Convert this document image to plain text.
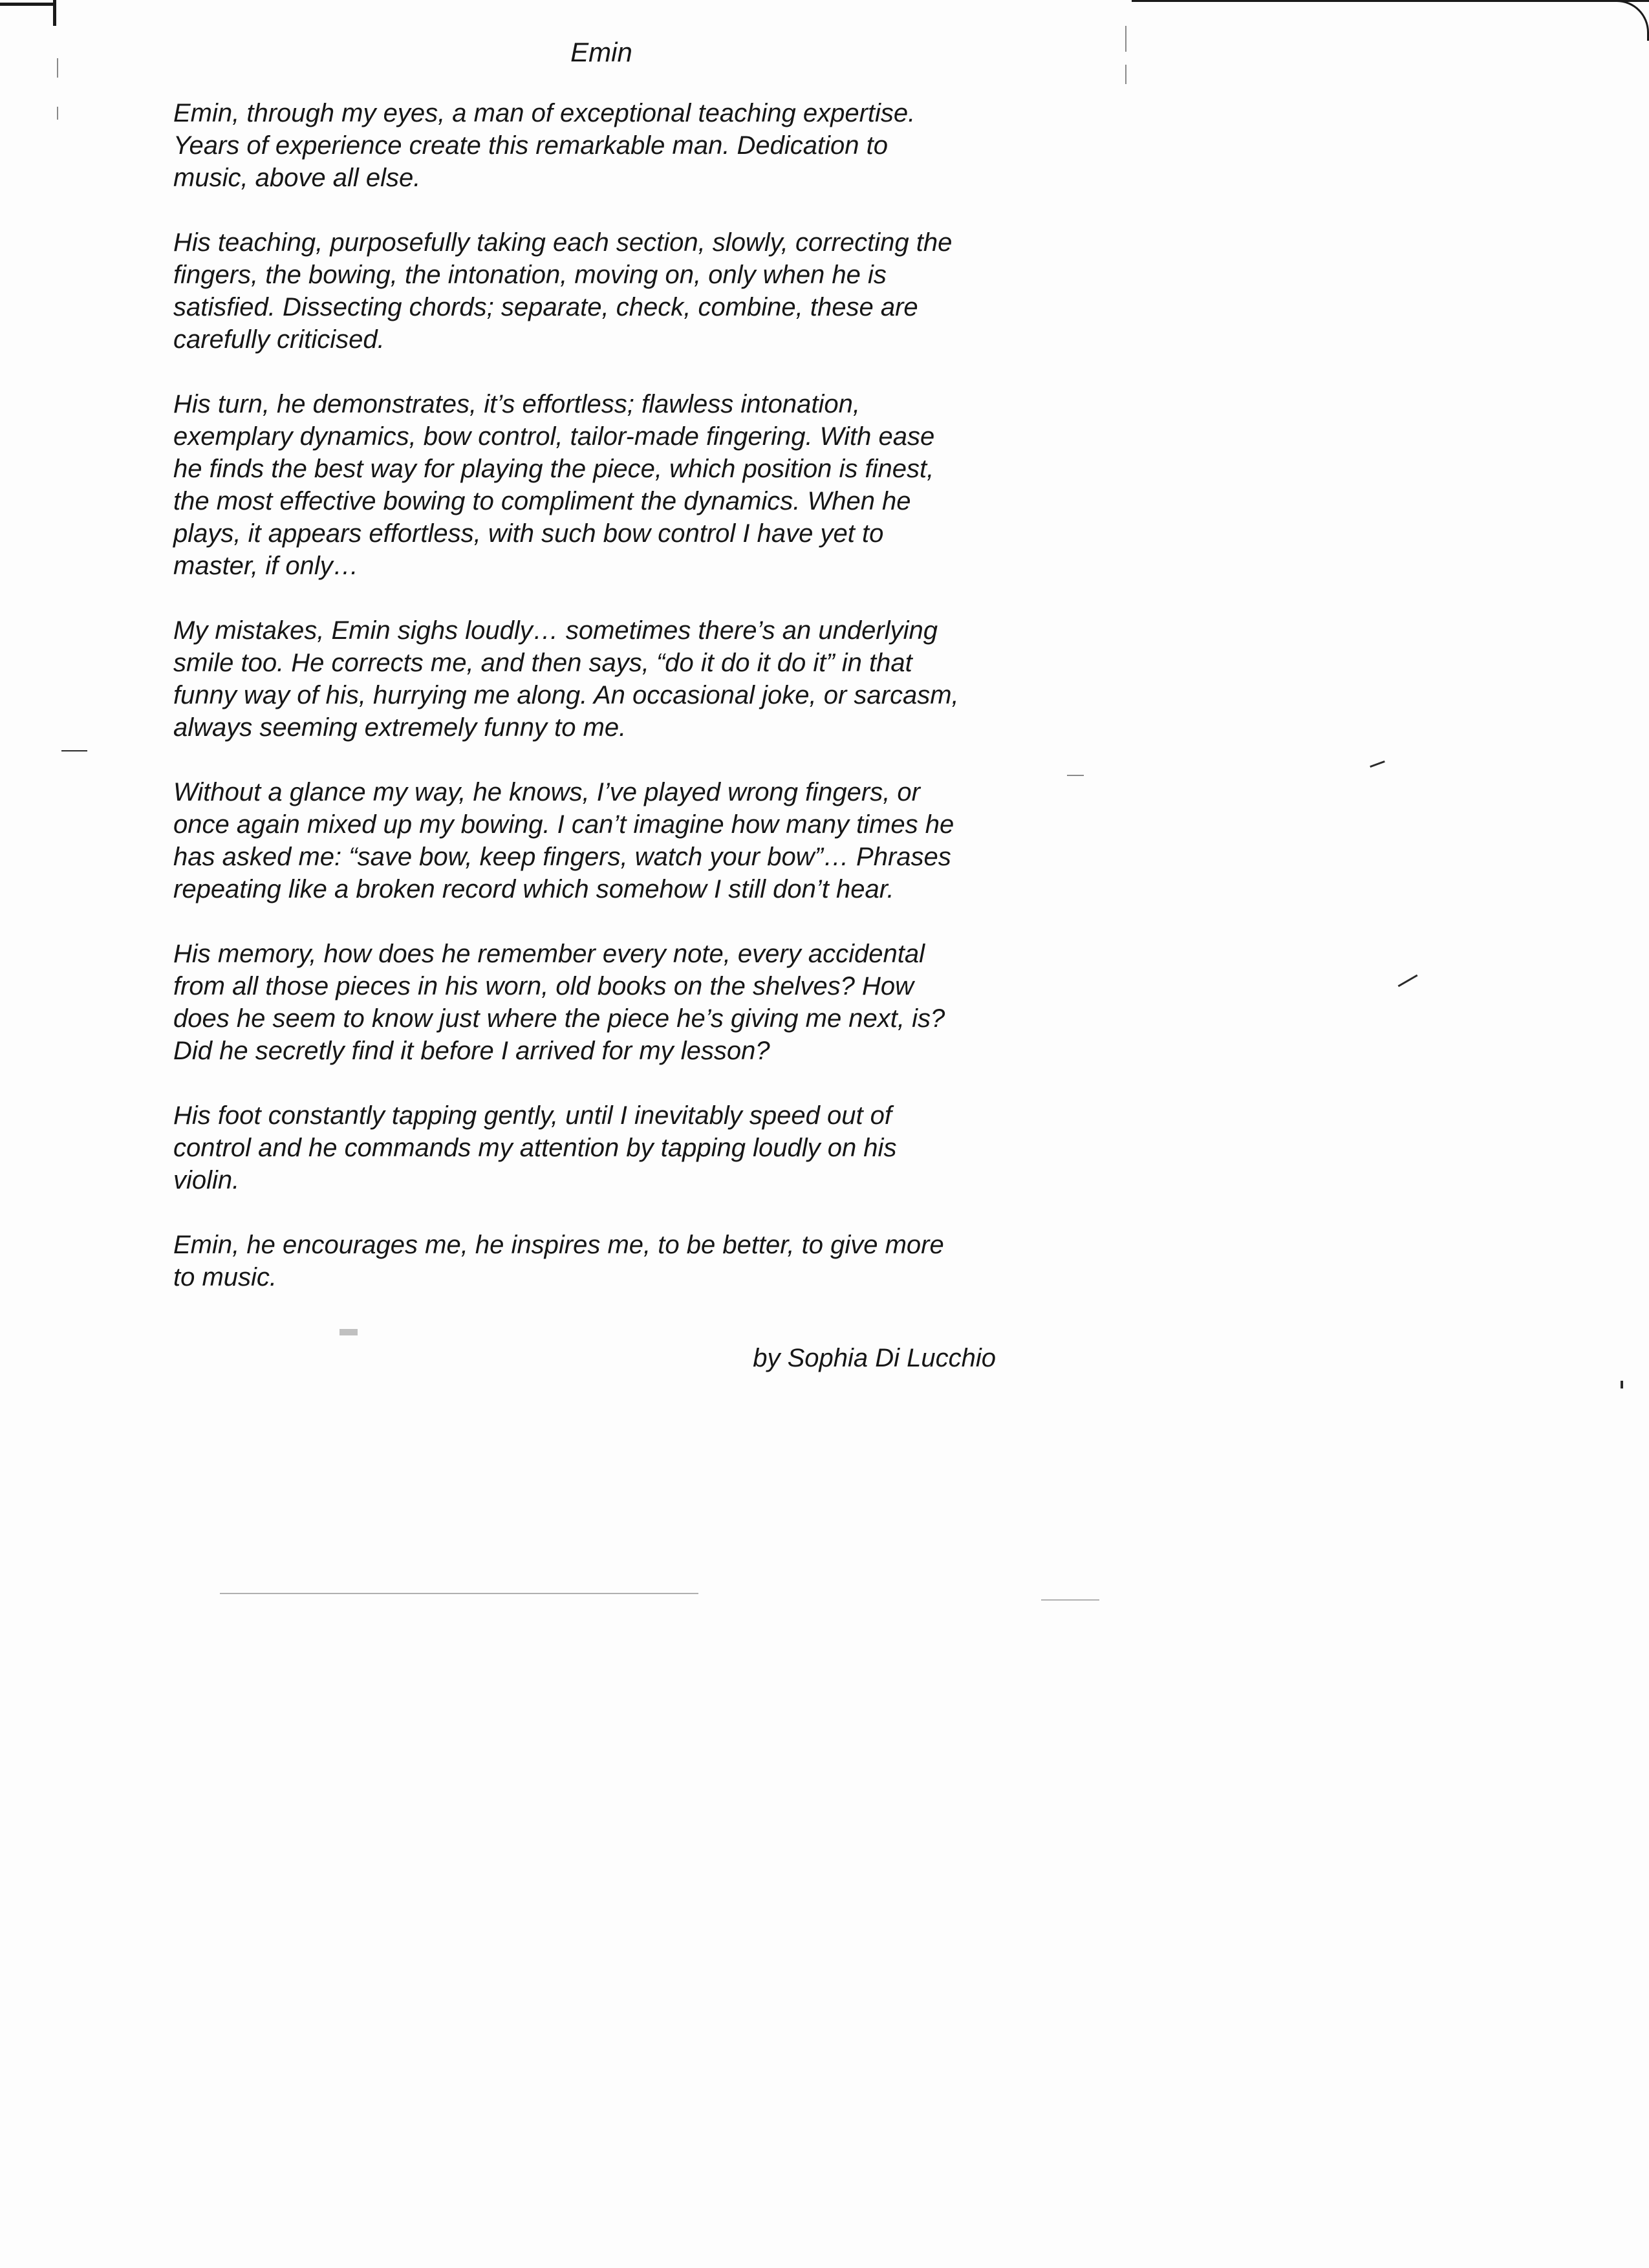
Emin

Emin, through my eyes, a man of exceptional teaching expertise.
Years of experience create this remarkable man. Dedication to
music, above all else.

His teaching, purposefully taking each section, slowly, correcting the
fingers, the bowing, the intonation, moving on, only when he is
satisfied. Dissecting chords; separate, check, combine, these are
carefully criticised.

His turn, he demonstrates, it’s effortless; flawless intonation,
exemplary dynamics, bow control, tailor-made fingering. With ease
he finds the best way for playing the piece, which position is finest,
the most effective bowing to compliment the dynamics. When he
plays, it appears effortless, with such bow control I have yet to
master, if only…

My mistakes, Emin sighs loudly… sometimes there’s an underlying
smile too. He corrects me, and then says, “do it do it do it” in that
funny way of his, hurrying me along. An occasional joke, or sarcasm,
always seeming extremely funny to me.

Without a glance my way, he knows, I’ve played wrong fingers, or
once again mixed up my bowing. I can’t imagine how many times he
has asked me: “save bow, keep fingers, watch your bow”… Phrases
repeating like a broken record which somehow I still don’t hear.

His memory, how does he remember every note, every accidental
from all those pieces in his worn, old books on the shelves? How
does he seem to know just where the piece he’s giving me next, is?
Did he secretly find it before I arrived for my lesson?

His foot constantly tapping gently, until I inevitably speed out of
control and he commands my attention by tapping loudly on his
violin.

Emin, he encourages me, he inspires me, to be better, to give more
to music.

by Sophia Di Lucchio
